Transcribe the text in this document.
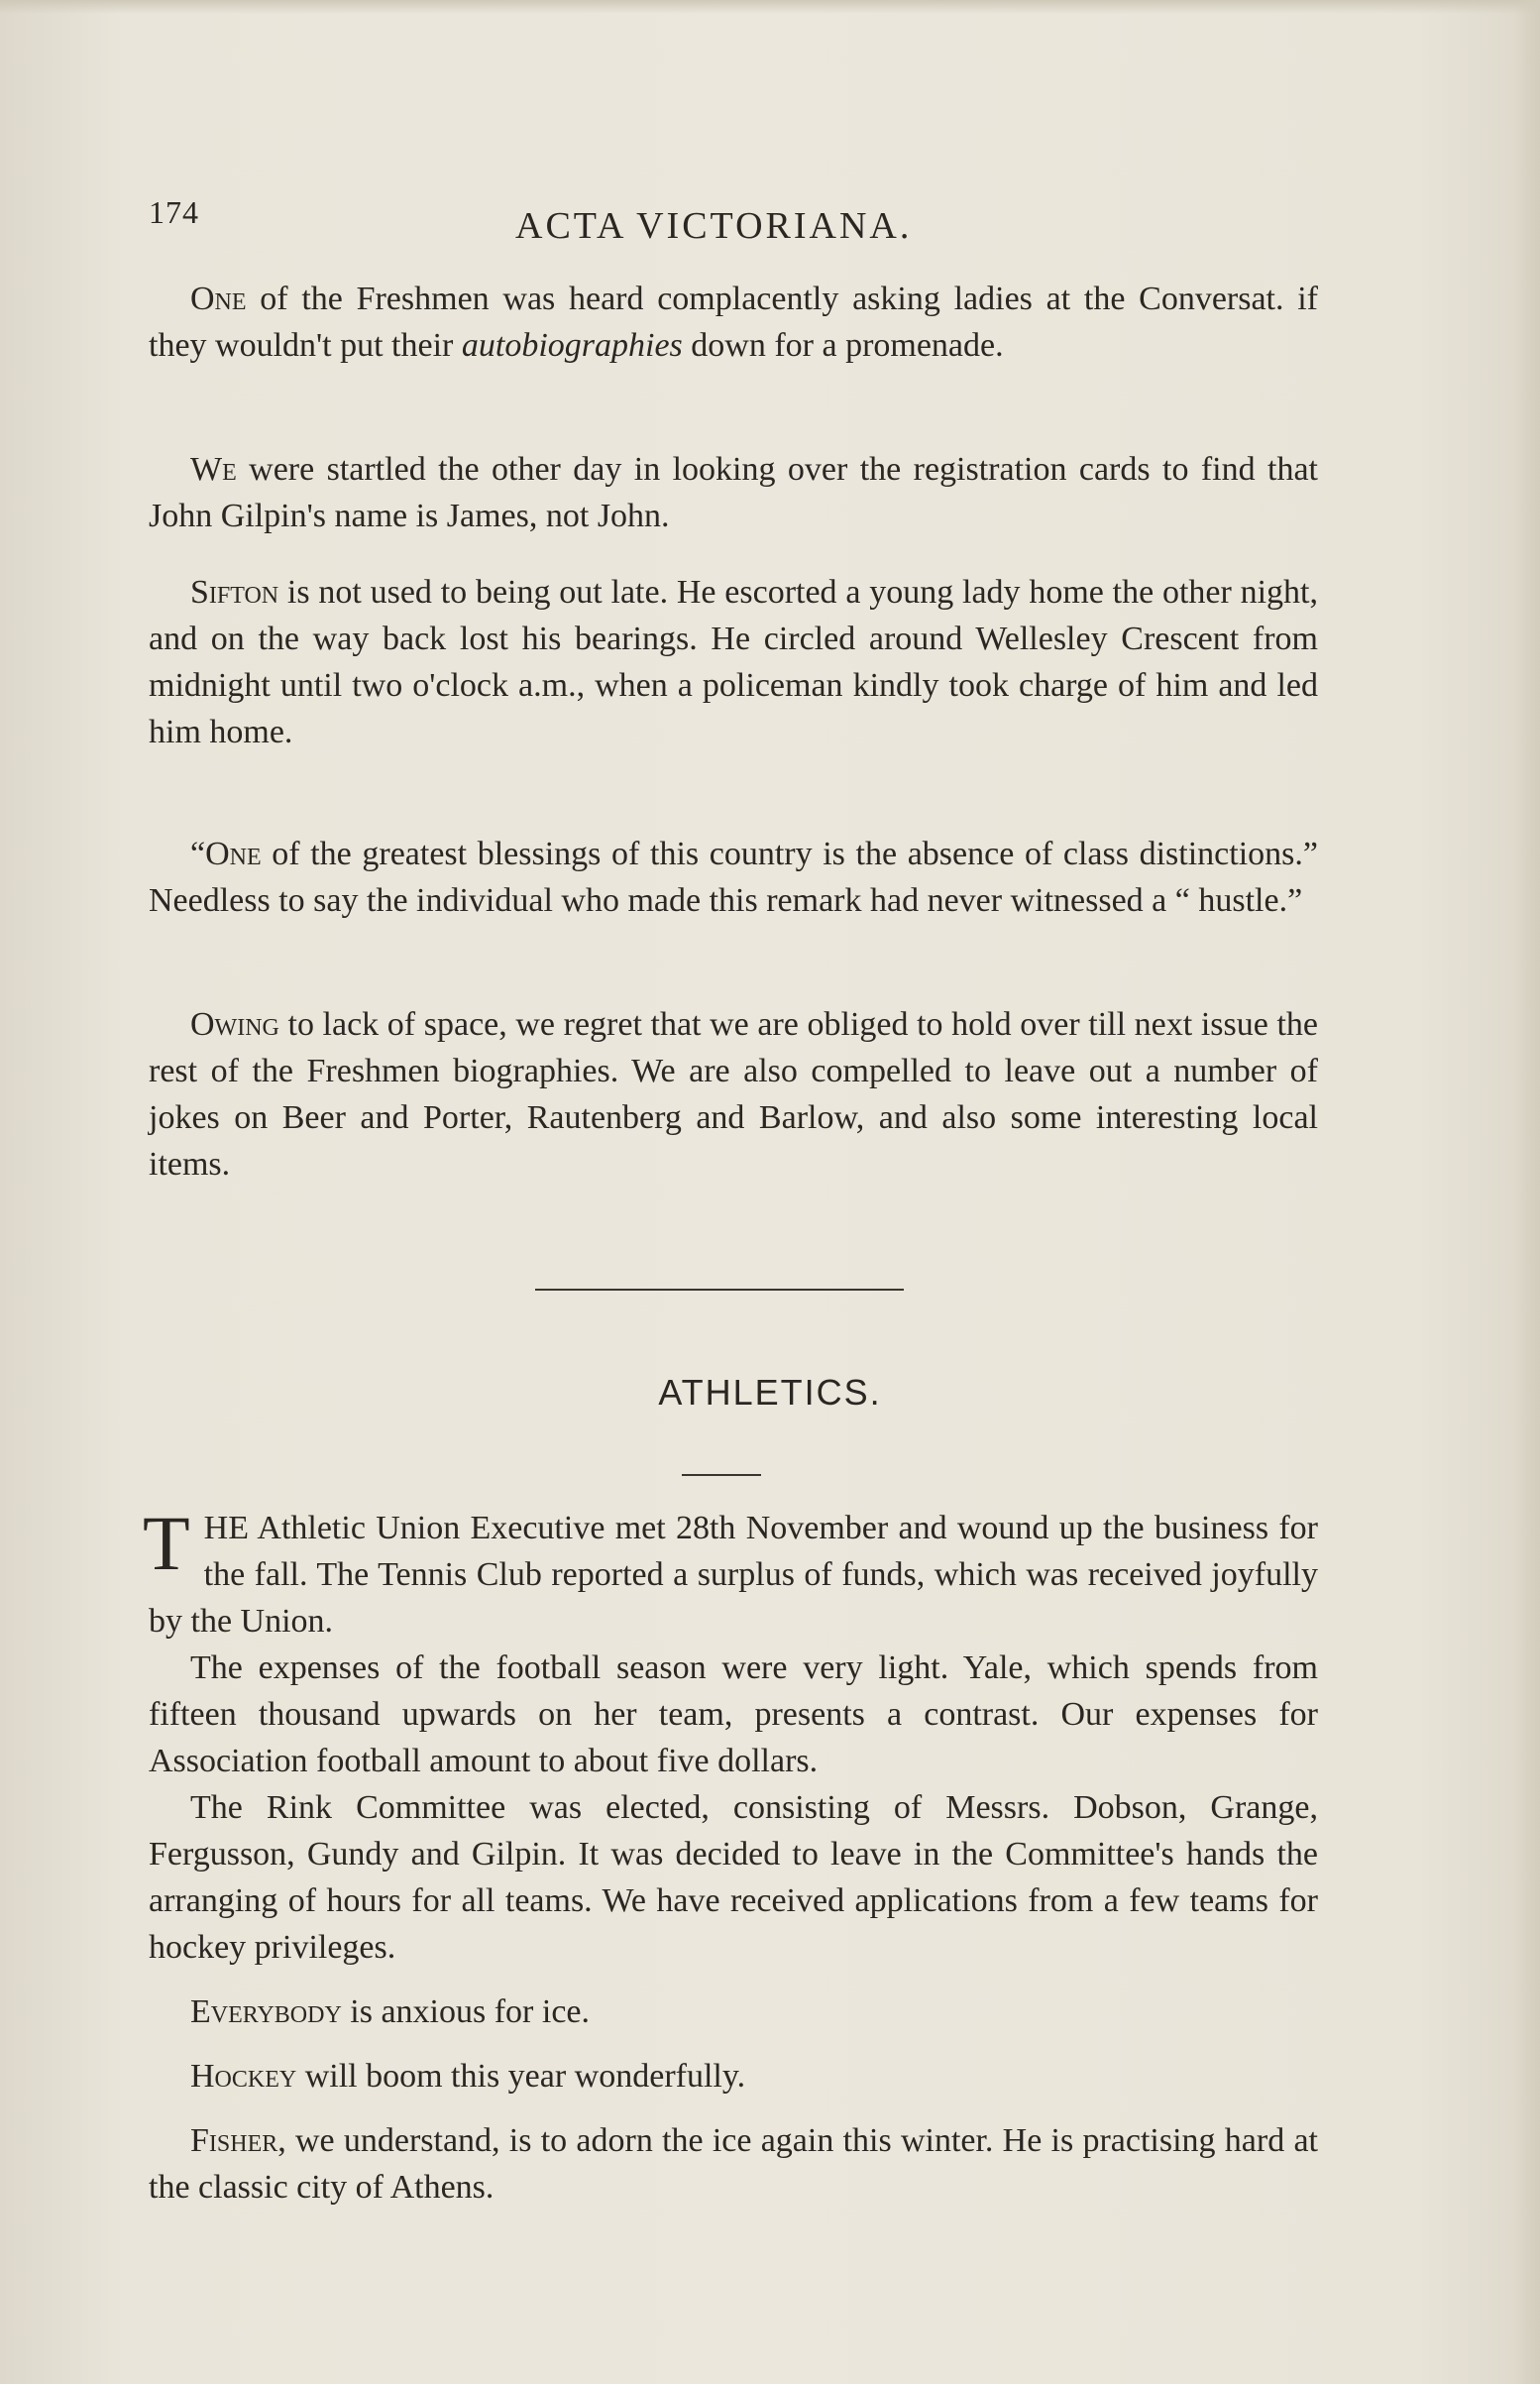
174	ACTA VICTORIANA.

One of the Freshmen was heard complacently asking ladies at the Conversat. if they wouldn't put their autobiographies down for a promenade.

We were startled the other day in looking over the registration cards to find that John Gilpin's name is James, not John.

Sifton is not used to being out late. He escorted a young lady home the other night, and on the way back lost his bearings. He circled around Wellesley Crescent from midnight until two o'clock a.m., when a policeman kindly took charge of him and led him home.

“One of the greatest blessings of this country is the absence of class distinctions.” Needless to say the individual who made this remark had never witnessed a “ hustle.”

Owing to lack of space, we regret that we are obliged to hold over till next issue the rest of the Freshmen biographies. We are also compelled to leave out a number of jokes on Beer and Porter, Rautenberg and Barlow, and also some interesting local items.

ATHLETICS.

THE Athletic Union Executive met 28th November and wound up the business for the fall. The Tennis Club reported a surplus of funds, which was received joyfully by the Union.

The expenses of the football season were very light. Yale, which spends from fifteen thousand upwards on her team, presents a contrast. Our expenses for Association football amount to about five dollars.

The Rink Committee was elected, consisting of Messrs. Dobson, Grange, Fergusson, Gundy and Gilpin. It was decided to leave in the Committee's hands the arranging of hours for all teams. We have received applications from a few teams for hockey privileges.

Everybody is anxious for ice.

Hockey will boom this year wonderfully.

Fisher, we understand, is to adorn the ice again this winter. He is practising hard at the classic city of Athens.
